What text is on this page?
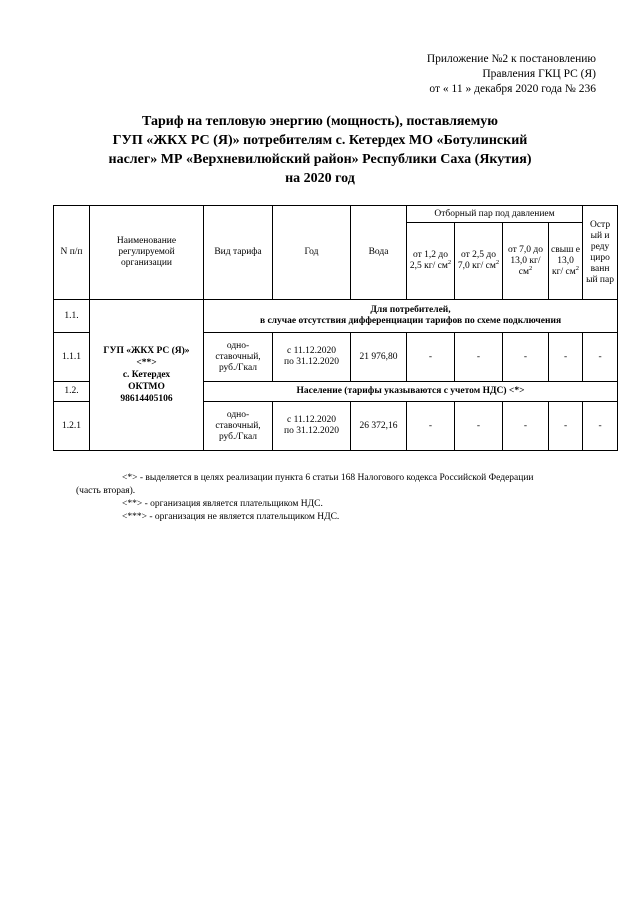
Приложение №2 к постановлению
Правления ГКЦ РС (Я)
от « 11 » декабря 2020 года № 236
Тариф на тепловую энергию (мощность), поставляемую
ГУП «ЖКХ РС (Я)» потребителям с. Кетердех МО «Ботулинский
наслег» МР «Верхневилюйский район» Республики Саха (Якутия)
на 2020 год
N п/п	Наименование регулируемой организации	Вид тарифа	Год	Вода	Отборный пар под давлением				Остр ый и реду циро ванн ый пар
					от 1,2 до 2,5 кг/ $см^2$	от 2,5 до 7,0 кг/ $см^2$	от 7,0 до 13,0 кг/ $см^2$	свыш е 13,0 кг/ $см^2$
1.1.	ГУП «ЖКХ РС (Я)»
<**>
с. Кетердех
ОКТМО
98614405106	Для потребителей,
в случае отсутствия дифференциации тарифов по схеме подключения							

1.1.1		одно- ставочный, руб./Гкал	с 11.12.2020
по 31.12.2020	21 976,80	-	-	-	-	-
1.2.		Население (тарифы указываются с учетом НДС) <*>							
1.2.1		одно- ставочный, руб./Гкал	с 11.12.2020
по 31.12.2020	26 372,16	-	-	-	-	-
<*> - выделяется в целях реализации пункта 6 статьи 168 Налогового кодекса Российской Федерации
(часть вторая).
<**> - организация является плательщиком НДС.
<***> - организация не является плательщиком НДС.
